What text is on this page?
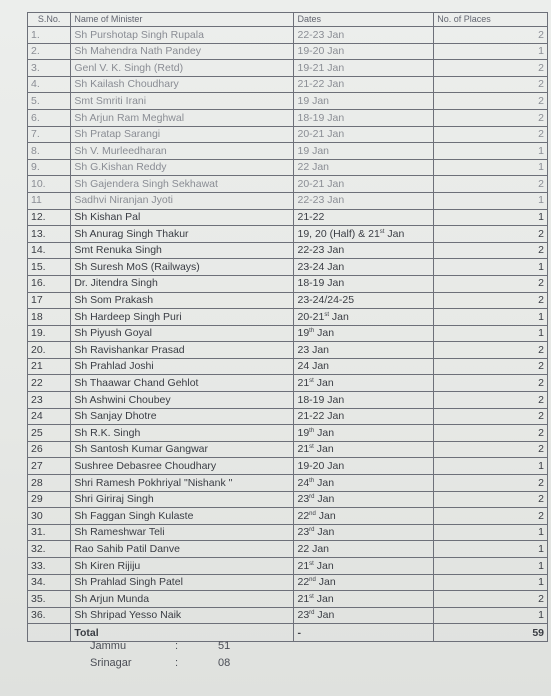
S.No.	Name of Minister	Dates	No. of Places
1.	Sh Purshotap Singh Rupala	22-23 Jan	2
2.	Sh Mahendra Nath Pandey	19-20 Jan	1
3.	Genl V. K. Singh (Retd)	19-21 Jan	2
4.	Sh Kailash Choudhary	21-22 Jan	2
5.	Smt Smriti Irani	19 Jan	2
6.	Sh Arjun Ram Meghwal	18-19 Jan	2
7.	Sh Pratap Sarangi	20-21 Jan	2
8.	Sh V. Murleedharan	19 Jan	1
9.	Sh G.Kishan Reddy	22 Jan	1
10.	Sh Gajendera Singh Sekhawat	20-21 Jan	2
11	Sadhvi Niranjan Jyoti	22-23 Jan	1
12.	Sh Kishan Pal	21-22	1
13.	Sh Anurag Singh Thakur	19, 20 (Half) & 21st Jan	2
14.	Smt Renuka Singh	22-23 Jan	2
15.	Sh Suresh MoS (Railways)	23-24 Jan	1
16.	Dr. Jitendra Singh	18-19 Jan	2
17	Sh Som Prakash	23-24/24-25	2
18	Sh Hardeep Singh Puri	20-21st Jan	1
19.	Sh Piyush Goyal	19th Jan	1
20.	Sh Ravishankar Prasad	23 Jan	2
21	Sh Prahlad Joshi	24 Jan	2
22	Sh Thaawar Chand Gehlot	21st Jan	2
23	Sh Ashwini Choubey	18-19 Jan	2
24	Sh Sanjay Dhotre	21-22 Jan	2
25	Sh R.K. Singh	19th Jan	2
26	Sh Santosh Kumar Gangwar	21st Jan	2
27	Sushree Debasree Choudhary	19-20 Jan	1
28	Shri Ramesh Pokhriyal "Nishank "	24th Jan	2
29	Shri Giriraj Singh	23rd Jan	2
30	Sh Faggan Singh Kulaste	22nd Jan	2
31.	Sh Rameshwar Teli	23rd Jan	1
32.	Rao Sahib Patil Danve	22 Jan	1
33.	Sh Kiren Rijiju	21st Jan	1
34.	Sh Prahlad Singh Patel	22nd Jan	1
35.	Sh Arjun Munda	21st Jan	2
36.	Sh Shripad Yesso Naik	23rd Jan	1
	Total	-	59
Jammu	:	51
Srinagar	:	08
